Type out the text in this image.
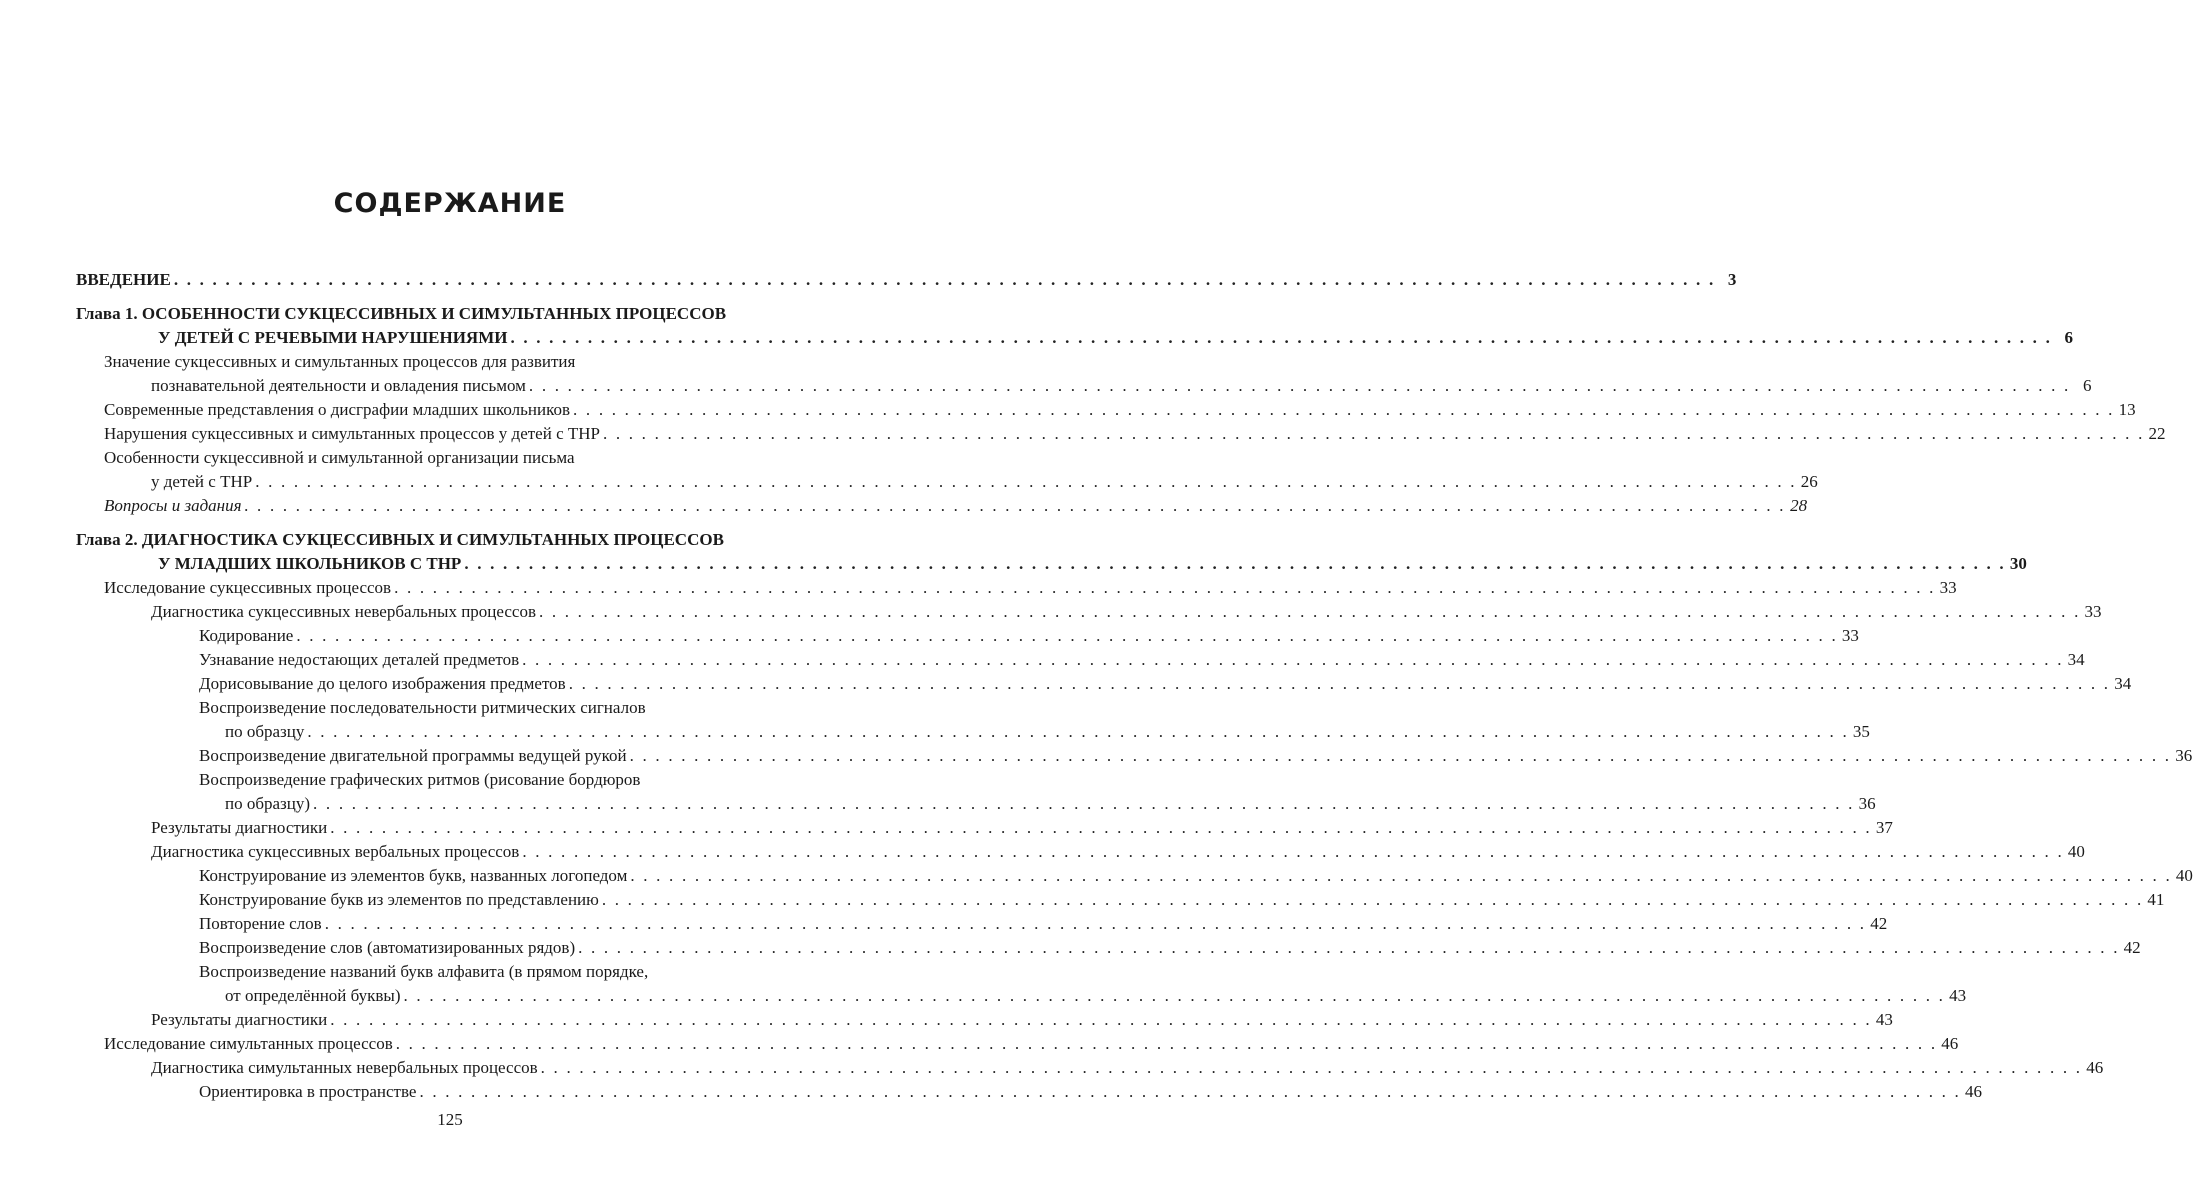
СОДЕРЖАНИЕ
ВВЕДЕНИЕ . . . . . . . . . . . . . . . . . . . . . . . . . . . . . . . . . . . . . . . . . . . . . . . . . . . . . . . . . . . . . . . . . . . . . . . . . . . . . . . . . . . . . . . . . . . . . . . . . . . . . . . . . . . . . . . . . . . . . . . . 3
Глава 1. ОСОБЕННОСТИ СУКЦЕССИВНЫХ И СИМУЛЬТАННЫХ ПРОЦЕССОВ
У ДЕТЕЙ С РЕЧЕВЫМИ НАРУШЕНИЯМИ . . . . . . . . . . . . . . . . . . . . . . . . . . . . . . . . . . . . . . . . . . . . . . . . . . . . . . . . . . . . . . . . . . . . . . . . . . . . . . . . . . . . . . . . . . . . . . . . . . . . . . . . . . . . . . . . . . . . . . . . 6
Значение сукцессивных и симультанных процессов для развития
познавательной деятельности и овладения письмом . . . . . . . . . . . . . . . . . . . . . . . . . . . . . . . . . . . . . . . . . . . . . . . . . . . . . . . . . . . . . . . . . . . . . . . . . . . . . . . . . . . . . . . . . . . . . . . . . . . . . . . . . . . . . . . . . . . . . . . . 6
Современные представления о дисграфии младших школьников . . . . . . . . . . . . . . . . . . . . . . . . . . . . . . . . . . . . . . . . . . . . . . . . . . . . . . . . . . . . . . . . . . . . . . . . . . . . . . . . . . . . . . . . . . . . . . . . . . . . . . . . . . . . . . . . . . . . . . . . 13
Нарушения сукцессивных и симультанных процессов у детей с ТНР . . . . . . . . . . . . . . . . . . . . . . . . . . . . . . . . . . . . . . . . . . . . . . . . . . . . . . . . . . . . . . . . . . . . . . . . . . . . . . . . . . . . . . . . . . . . . . . . . . . . . . . . . . . . . . . . . . . . . . . . 22
Особенности сукцессивной и симультанной организации письма
у детей с ТНР . . . . . . . . . . . . . . . . . . . . . . . . . . . . . . . . . . . . . . . . . . . . . . . . . . . . . . . . . . . . . . . . . . . . . . . . . . . . . . . . . . . . . . . . . . . . . . . . . . . . . . . . . . . . . . . . . . . . . . . . 26
Вопросы и задания . . . . . . . . . . . . . . . . . . . . . . . . . . . . . . . . . . . . . . . . . . . . . . . . . . . . . . . . . . . . . . . . . . . . . . . . . . . . . . . . . . . . . . . . . . . . . . . . . . . . . . . . . . . . . . . . . . . . . . . . 28
Глава 2. ДИАГНОСТИКА СУКЦЕССИВНЫХ И СИМУЛЬТАННЫХ ПРОЦЕССОВ
У МЛАДШИХ ШКОЛЬНИКОВ С ТНР . . . . . . . . . . . . . . . . . . . . . . . . . . . . . . . . . . . . . . . . . . . . . . . . . . . . . . . . . . . . . . . . . . . . . . . . . . . . . . . . . . . . . . . . . . . . . . . . . . . . . . . . . . . . . . . . . . . . . . . . 30
Исследование сукцессивных процессов . . . . . . . . . . . . . . . . . . . . . . . . . . . . . . . . . . . . . . . . . . . . . . . . . . . . . . . . . . . . . . . . . . . . . . . . . . . . . . . . . . . . . . . . . . . . . . . . . . . . . . . . . . . . . . . . . . . . . . . . 33
Диагностика сукцессивных невербальных процессов . . . . . . . . . . . . . . . . . . . . . . . . . . . . . . . . . . . . . . . . . . . . . . . . . . . . . . . . . . . . . . . . . . . . . . . . . . . . . . . . . . . . . . . . . . . . . . . . . . . . . . . . . . . . . . . . . . . . . . . . 33
Кодирование . . . . . . . . . . . . . . . . . . . . . . . . . . . . . . . . . . . . . . . . . . . . . . . . . . . . . . . . . . . . . . . . . . . . . . . . . . . . . . . . . . . . . . . . . . . . . . . . . . . . . . . . . . . . . . . . . . . . . . . . 33
Узнавание недостающих деталей предметов . . . . . . . . . . . . . . . . . . . . . . . . . . . . . . . . . . . . . . . . . . . . . . . . . . . . . . . . . . . . . . . . . . . . . . . . . . . . . . . . . . . . . . . . . . . . . . . . . . . . . . . . . . . . . . . . . . . . . . . . 34
Дорисовывание до целого изображения предметов . . . . . . . . . . . . . . . . . . . . . . . . . . . . . . . . . . . . . . . . . . . . . . . . . . . . . . . . . . . . . . . . . . . . . . . . . . . . . . . . . . . . . . . . . . . . . . . . . . . . . . . . . . . . . . . . . . . . . . . . 34
Воспроизведение последовательности ритмических сигналов
по образцу . . . . . . . . . . . . . . . . . . . . . . . . . . . . . . . . . . . . . . . . . . . . . . . . . . . . . . . . . . . . . . . . . . . . . . . . . . . . . . . . . . . . . . . . . . . . . . . . . . . . . . . . . . . . . . . . . . . . . . . . 35
Воспроизведение двигательной программы ведущей рукой . . . . . . . . . . . . . . . . . . . . . . . . . . . . . . . . . . . . . . . . . . . . . . . . . . . . . . . . . . . . . . . . . . . . . . . . . . . . . . . . . . . . . . . . . . . . . . . . . . . . . . . . . . . . . . . . . . . . . . . . 36
Воспроизведение графических ритмов (рисование бордюров
по образцу) . . . . . . . . . . . . . . . . . . . . . . . . . . . . . . . . . . . . . . . . . . . . . . . . . . . . . . . . . . . . . . . . . . . . . . . . . . . . . . . . . . . . . . . . . . . . . . . . . . . . . . . . . . . . . . . . . . . . . . . . 36
Результаты диагностики . . . . . . . . . . . . . . . . . . . . . . . . . . . . . . . . . . . . . . . . . . . . . . . . . . . . . . . . . . . . . . . . . . . . . . . . . . . . . . . . . . . . . . . . . . . . . . . . . . . . . . . . . . . . . . . . . . . . . . . . 37
Диагностика сукцессивных вербальных процессов . . . . . . . . . . . . . . . . . . . . . . . . . . . . . . . . . . . . . . . . . . . . . . . . . . . . . . . . . . . . . . . . . . . . . . . . . . . . . . . . . . . . . . . . . . . . . . . . . . . . . . . . . . . . . . . . . . . . . . . . 40
Конструирование из элементов букв, названных логопедом . . . . . . . . . . . . . . . . . . . . . . . . . . . . . . . . . . . . . . . . . . . . . . . . . . . . . . . . . . . . . . . . . . . . . . . . . . . . . . . . . . . . . . . . . . . . . . . . . . . . . . . . . . . . . . . . . . . . . . . . 40
Конструирование букв из элементов по представлению . . . . . . . . . . . . . . . . . . . . . . . . . . . . . . . . . . . . . . . . . . . . . . . . . . . . . . . . . . . . . . . . . . . . . . . . . . . . . . . . . . . . . . . . . . . . . . . . . . . . . . . . . . . . . . . . . . . . . . . . 41
Повторение слов . . . . . . . . . . . . . . . . . . . . . . . . . . . . . . . . . . . . . . . . . . . . . . . . . . . . . . . . . . . . . . . . . . . . . . . . . . . . . . . . . . . . . . . . . . . . . . . . . . . . . . . . . . . . . . . . . . . . . . . . 42
Воспроизведение слов (автоматизированных рядов) . . . . . . . . . . . . . . . . . . . . . . . . . . . . . . . . . . . . . . . . . . . . . . . . . . . . . . . . . . . . . . . . . . . . . . . . . . . . . . . . . . . . . . . . . . . . . . . . . . . . . . . . . . . . . . . . . . . . . . . . 42
Воспроизведение названий букв алфавита (в прямом порядке,
от определённой буквы) . . . . . . . . . . . . . . . . . . . . . . . . . . . . . . . . . . . . . . . . . . . . . . . . . . . . . . . . . . . . . . . . . . . . . . . . . . . . . . . . . . . . . . . . . . . . . . . . . . . . . . . . . . . . . . . . . . . . . . . . 43
Результаты диагностики . . . . . . . . . . . . . . . . . . . . . . . . . . . . . . . . . . . . . . . . . . . . . . . . . . . . . . . . . . . . . . . . . . . . . . . . . . . . . . . . . . . . . . . . . . . . . . . . . . . . . . . . . . . . . . . . . . . . . . . . 43
Исследование симультанных процессов . . . . . . . . . . . . . . . . . . . . . . . . . . . . . . . . . . . . . . . . . . . . . . . . . . . . . . . . . . . . . . . . . . . . . . . . . . . . . . . . . . . . . . . . . . . . . . . . . . . . . . . . . . . . . . . . . . . . . . . . 46
Диагностика симультанных невербальных процессов . . . . . . . . . . . . . . . . . . . . . . . . . . . . . . . . . . . . . . . . . . . . . . . . . . . . . . . . . . . . . . . . . . . . . . . . . . . . . . . . . . . . . . . . . . . . . . . . . . . . . . . . . . . . . . . . . . . . . . . . 46
Ориентировка в пространстве . . . . . . . . . . . . . . . . . . . . . . . . . . . . . . . . . . . . . . . . . . . . . . . . . . . . . . . . . . . . . . . . . . . . . . . . . . . . . . . . . . . . . . . . . . . . . . . . . . . . . . . . . . . . . . . . . . . . . . . . 46
125
